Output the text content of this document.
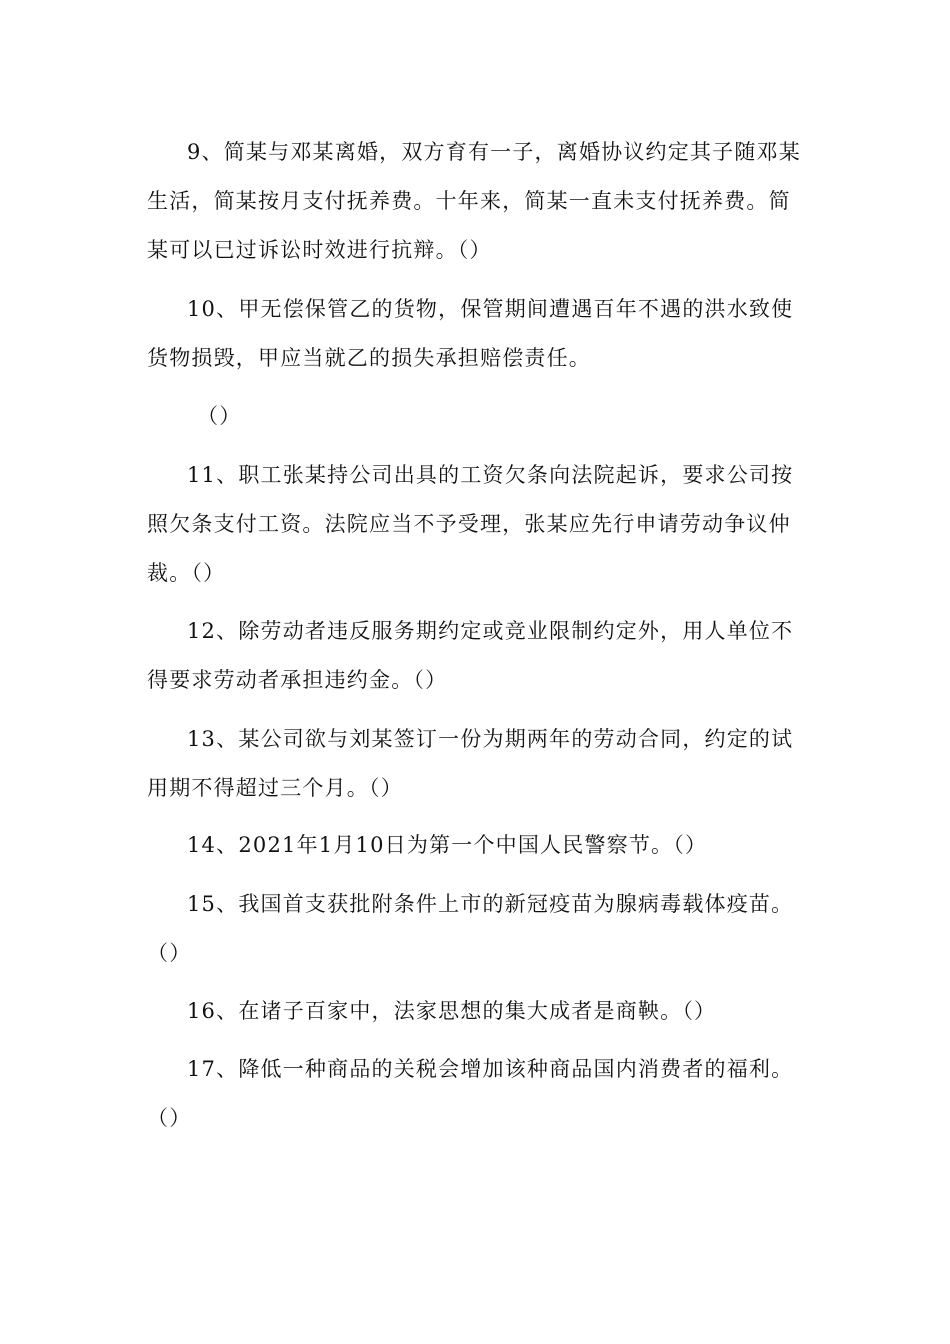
9、简某与邓某离婚，双方育有一子，离婚协议约定其子随邓某
生活，简某按月支付抚养费。十年来，简某一直未支付抚养费。简
某可以已过诉讼时效进行抗辩。（）
10、甲无偿保管乙的货物，保管期间遭遇百年不遇的洪水致使
货物损毁，甲应当就乙的损失承担赔偿责任。
（）
11、职工张某持公司出具的工资欠条向法院起诉，要求公司按
照欠条支付工资。法院应当不予受理，张某应先行申请劳动争议仲
裁。（）
12、除劳动者违反服务期约定或竞业限制约定外，用人单位不
得要求劳动者承担违约金。（）
13、某公司欲与刘某签订一份为期两年的劳动合同，约定的试
用期不得超过三个月。（）
14、2021年1月10日为第一个中国人民警察节。（）
15、我国首支获批附条件上市的新冠疫苗为腺病毒载体疫苗。
（）
16、在诸子百家中，法家思想的集大成者是商鞅。（）
17、降低一种商品的关税会增加该种商品国内消费者的福利。
（）
